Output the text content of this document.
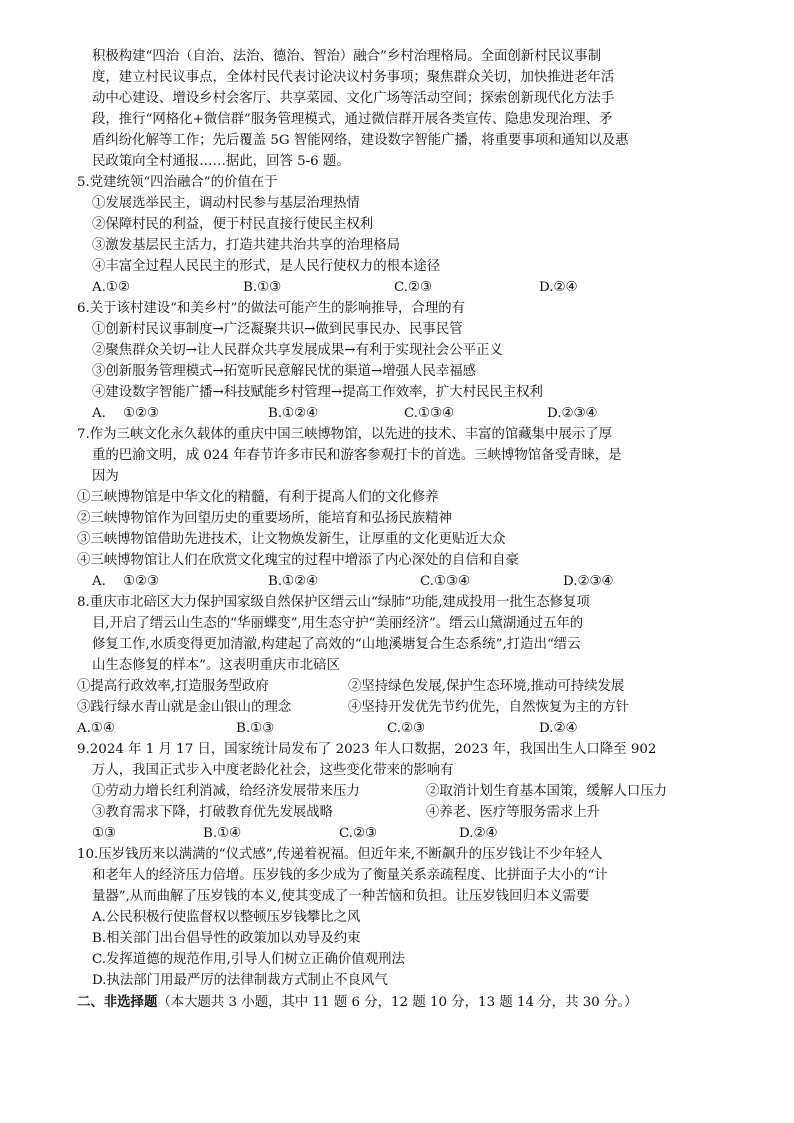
积极构建“四治（自治、法治、德治、智治）融合”乡村治理格局。全面创新村民议事制
度，建立村民议事点，全体村民代表讨论决议村务事项；聚焦群众关切，加快推进老年活
动中心建设、增设乡村会客厅、共享菜园、文化广场等活动空间；探索创新现代化方法手
段，推行“网格化+微信群”服务管理模式，通过微信群开展各类宣传、隐患发现治理、矛
盾纠纷化解等工作；先后覆盖 5G 智能网络，建设数字智能广播，将重要事项和通知以及惠
民政策向全村通报……据此，回答 5-6 题。
5.党建统领“四治融合”的价值在于
①发展选举民主，调动村民参与基层治理热情
②保障村民的利益，便于村民直接行使民主权利
③激发基层民主活力，打造共建共治共享的治理格局
④丰富全过程人民民主的形式，是人民行使权力的根本途径
A.①②	B.①③	C.②③	D.②④
6.关于该村建设“和美乡村”的做法可能产生的影响推导，合理的有
①创新村民议事制度→广泛凝聚共识→做到民事民办、民事民管
②聚焦群众关切→让人民群众共享发展成果→有利于实现社会公平正义
③创新服务管理模式→拓宽听民意解民忧的渠道→增强人民幸福感
④建设数字智能广播→科技赋能乡村管理→提高工作效率，扩大村民民主权利
A.    ①②③	B.①②④	C.①③④	D.②③④
7.作为三峡文化永久载体的重庆中国三峡博物馆，以先进的技术、丰富的馆藏集中展示了厚
重的巴渝文明，成 024 年春节许多市民和游客参观打卡的首选。三峡博物馆备受青睐，是
因为
①三峡博物馆是中华文化的精髓，有利于提高人们的文化修养
②三峡博物馆作为回望历史的重要场所，能培育和弘扬民族精神
③三峡博物馆借助先进技术，让文物焕发新生，让厚重的文化更贴近大众
④三峡博物馆让人们在欣赏文化瑰宝的过程中增添了内心深处的自信和自豪
A.    ①②③	B.①②④	C.①③④	D.②③④
8.重庆市北碚区大力保护国家级自然保护区缙云山“绿肺”功能,建成投用一批生态修复项
目,开启了缙云山生态的“华丽蝶变”,用生态守护“美丽经济”。缙云山黛湖通过五年的
修复工作,水质变得更加清澈,构建起了高效的“山地溪塘复合生态系统”,打造出“缙云
山生态修复的样本”。这表明重庆市北碚区
①提高行政效率,打造服务型政府	②坚持绿色发展,保护生态环境,推动可持续发展
③践行绿水青山就是金山银山的理念	④坚持开发优先节约优先，自然恢复为主的方针
A.①④	B.①③	C.②③	D.②④
9.2024 年 1 月 17 日，国家统计局发布了 2023 年人口数据，2023 年，我国出生人口降至 902
万人，我国正式步入中度老龄化社会，这些变化带来的影响有
①劳动力增长红利消减，给经济发展带来压力	②取消计划生育基本国策，缓解人口压力
③教育需求下降，打破教育优先发展战略	④养老、医疗等服务需求上升
①③	B.①④	C.②③	D.②④
10.压岁钱历来以满满的“仪式感”,传递着祝福。但近年来,不断飙升的压岁钱让不少年轻人
和老年人的经济压力倍增。压岁钱的多少成为了衡量关系亲疏程度、比拼面子大小的“计
量器”,从而曲解了压岁钱的本义,使其变成了一种苦恼和负担。让压岁钱回归本义需要
A.公民积极行使监督权以整顿压岁钱攀比之风
B.相关部门出台倡导性的政策加以劝导及约束
C.发挥道德的规范作用,引导人们树立正确价值观刑法
D.执法部门用最严厉的法律制裁方式制止不良风气
二、非选择题（本大题共 3 小题，其中 11 题 6 分，12 题 10 分，13 题 14 分，共 30 分。）
